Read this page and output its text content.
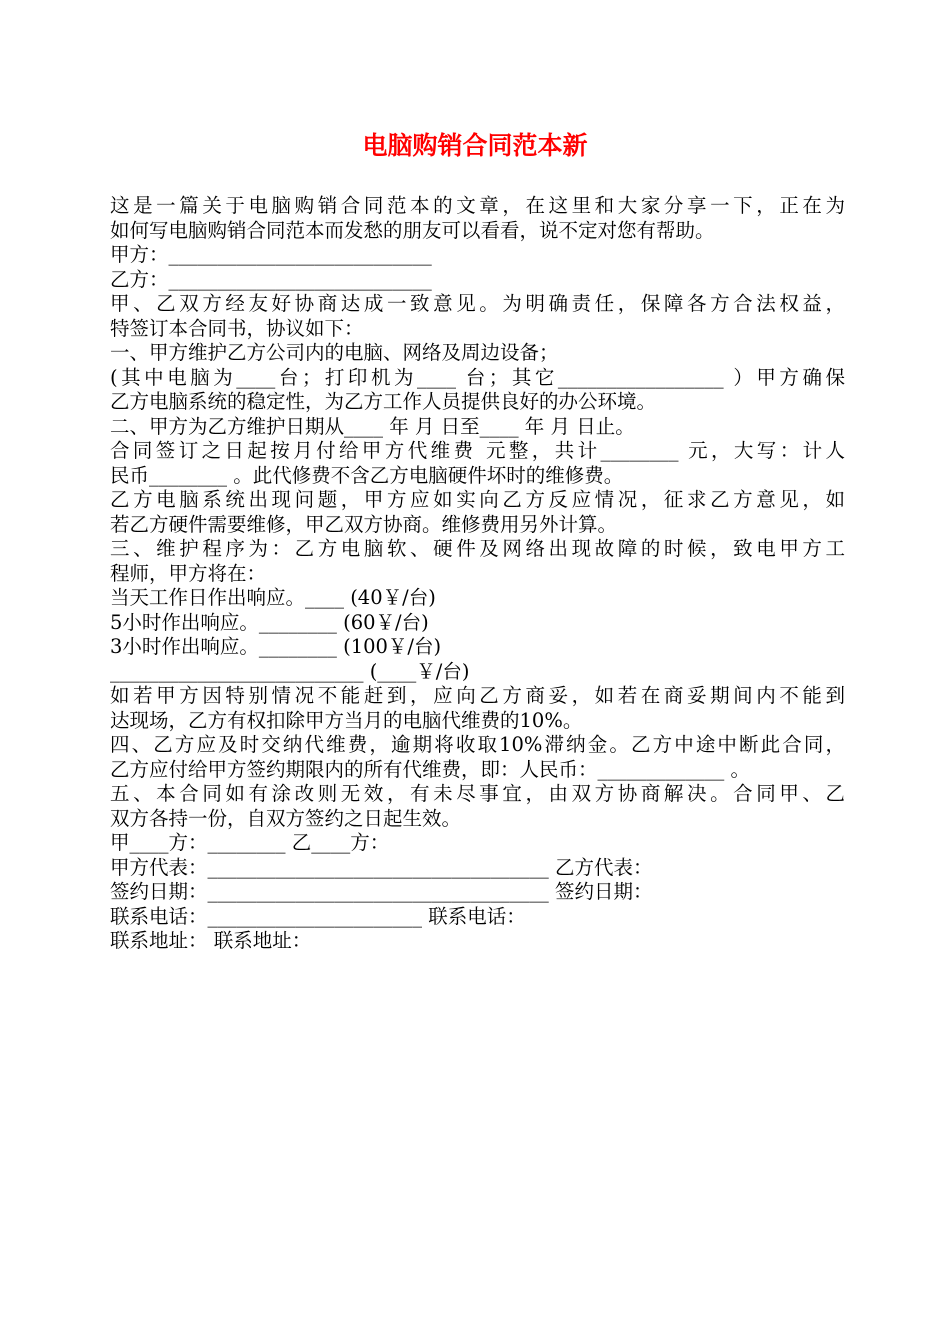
电脑购销合同范本新
这是一篇关于电脑购销合同范本的文章，在这里和大家分享一下，正在为
如何写电脑购销合同范本而发愁的朋友可以看看，说不定对您有帮助。
甲方：___________________________
乙方：___________________________
甲、乙双方经友好协商达成一致意见。为明确责任，保障各方合法权益，
特签订本合同书，协议如下：
一、甲方维护乙方公司内的电脑、网络及周边设备；
(其中电脑为____台；打印机为____ 台；其它_________________ ）甲方确保
乙方电脑系统的稳定性，为乙方工作人员提供良好的办公环境。
二、甲方为乙方维护日期从____ 年 月 日至____ 年 月 日止。
合同签订之日起按月付给甲方代维费 元整，共计________ 元，大写：计人
民币________ 。此代修费不含乙方电脑硬件坏时的维修费。
乙方电脑系统出现问题，甲方应如实向乙方反应情况，征求乙方意见，如
若乙方硬件需要维修，甲乙双方协商。维修费用另外计算。
三、维护程序为：乙方电脑软、硬件及网络出现故障的时候，致电甲方工
程师，甲方将在：
当天工作日作出响应。____ (40￥/台)
5小时作出响应。________ (60￥/台)
3小时作出响应。________ (100￥/台)
__________________________ (____￥/台)
如若甲方因特别情况不能赶到，应向乙方商妥，如若在商妥期间内不能到
达现场，乙方有权扣除甲方当月的电脑代维费的10%。
四、乙方应及时交纳代维费，逾期将收取10%滞纳金。乙方中途中断此合同，
乙方应付给甲方签约期限内的所有代维费，即：人民币：_____________ 。
五、本合同如有涂改则无效，有未尽事宜，由双方协商解决。合同甲、乙
双方各持一份，自双方签约之日起生效。
甲____方：________ 乙____方：
甲方代表：___________________________________ 乙方代表：
签约日期：___________________________________ 签约日期：
联系电话：______________________ 联系电话：
联系地址： 联系地址：
